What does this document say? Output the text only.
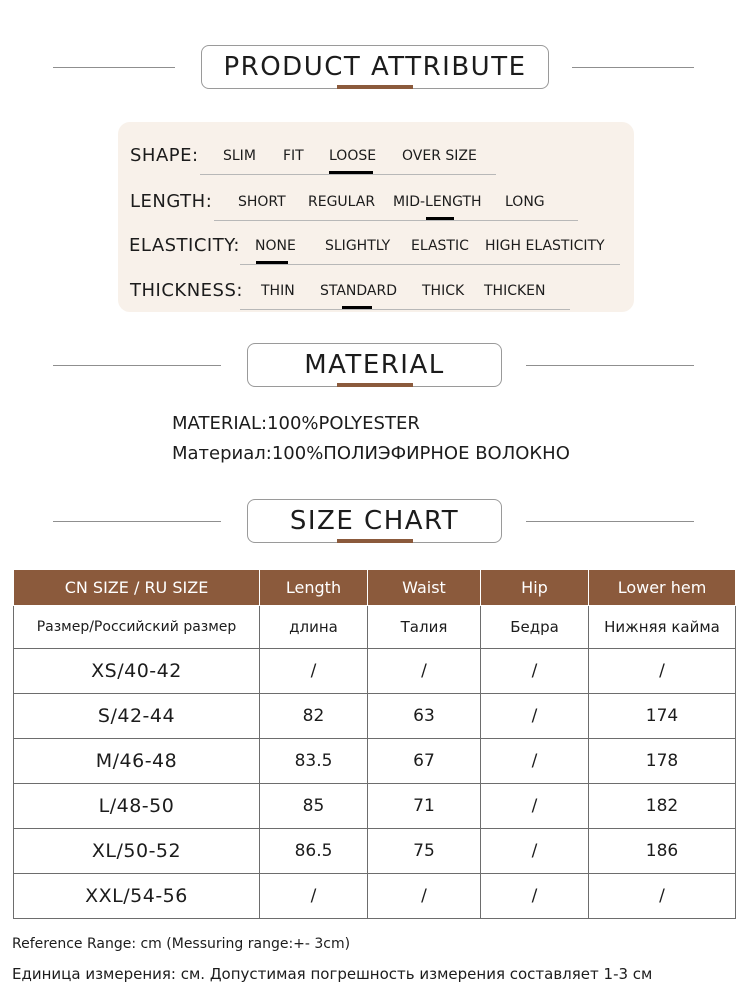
PRODUCT ATTRIBUTE
SHAPE: SLIM FIT LOOSE OVER SIZE
LENGTH: SHORT REGULAR MID-LENGTH LONG
ELASTICITY: NONE SLIGHTLY ELASTIC HIGH ELASTICITY
THICKNESS: THIN STANDARD THICK THICKEN
MATERIAL
MATERIAL:100%POLYESTER
Материал:100%ПОЛИЭФИРНОЕ ВОЛОКНО
SIZE CHART
CN SIZE / RU SIZE	Length	Waist	Hip	Lower hem
Размер/Российский размер	длина	Талия	Бедра	Нижняя кайма
XS/40-42	/	/	/	/
S/42-44	82	63	/	174
M/46-48	83.5	67	/	178
L/48-50	85	71	/	182
XL/50-52	86.5	75	/	186
XXL/54-56	/	/	/	/
Reference Range: cm (Messuring range:+- 3cm)
Единица измерения: см. Допустимая погрешность измерения составляет 1-3 см
